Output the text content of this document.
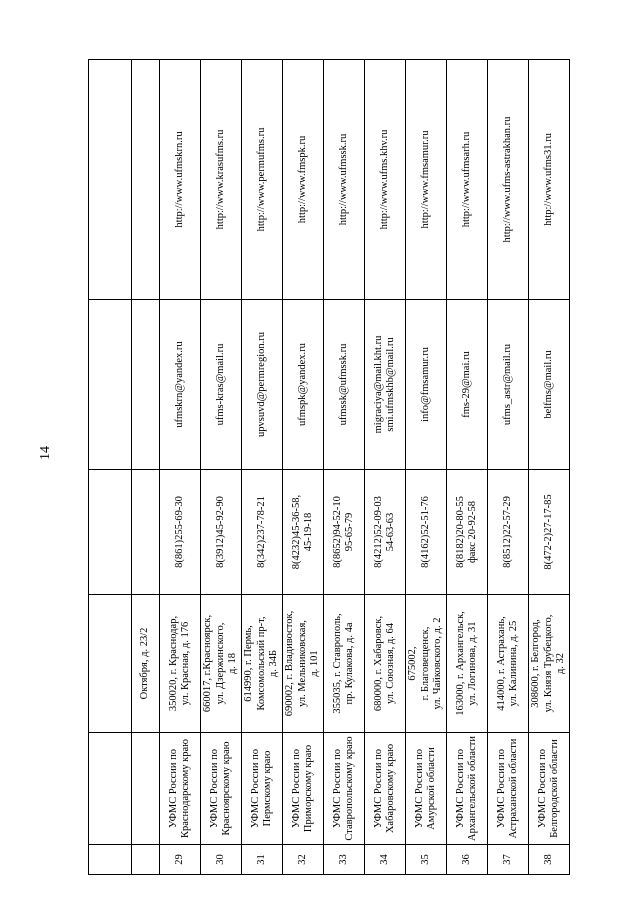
14

		Октября, д. 23/2			
29	УФМС России по
Краснодарскому краю	350020, г. Краснодар,
ул. Красная, д. 176	8(861)255-69-30	ufmskrn@yandex.ru	http://www.ufmskrn.ru
30	УФМС России по
Красноярскому краю	660017, г.Красноярск,
ул. Дзержинского,
д. 18	8(3912)45-92-90	ufms-kras@mail.ru	http://www.krasufms.ru
31	УФМС России по
Пермскому краю	614990, г. Пермь,
Комсомольский пр-т,
д. 34Б	8(342)237-78-21	upvsuvd@permregion.ru	http://www.permufms.ru
32	УФМС России по
Приморскому краю	690002, г. Владивосток,
ул. Мельниковская,
д. 101	8(4232)45-36-58,
45-19-18	ufmspk@yandex.ru	http://www.fmspk.ru
33	УФМС России по
Ставропольскому краю	355035, г. Ставрополь,
пр. Кулакова, д. 4а	8(8652)94-52-10
95-65-79	ufmssk@ufmssk.ru	http://www.ufmssk.ru
34	УФМС России по
Хабаровскому краю	680000, г. Хабаровск,
ул. Союзная, д. 64	8(4212)52-09-03
54-63-63	migraciya@mail.kht.ru
smi.ufmskhb@mail.ru	http://www.ufms.khv.ru
35	УФМС России по
Амурской области	675002,
г. Благовещенск,
ул. Чайковского, д. 2	8(4162)52-51-76	info@fmsamur.ru	http://www.fmsamur.ru
36	УФМС России по
Архангельской области	163000, г. Архангельск,
ул. Логинова, д. 31	8(8182)20-80-55
факс 20-92-58	fms-29@mai.ru	http://www.ufmsarh.ru
37	УФМС России по
Астраханской области	414000, г. Астрахань,
ул. Калинина, д. 25	8(8512)22-57-29	ufms_astr@mail.ru	http://www.ufms-astrakhan.ru
38	УФМС России по
Белгородской области	308600, г. Белгород,
ул. Князя Трубецкого,
д. 32	8(472-2)27-17-85	belfms@mail.ru	http://www.ufms31.ru
